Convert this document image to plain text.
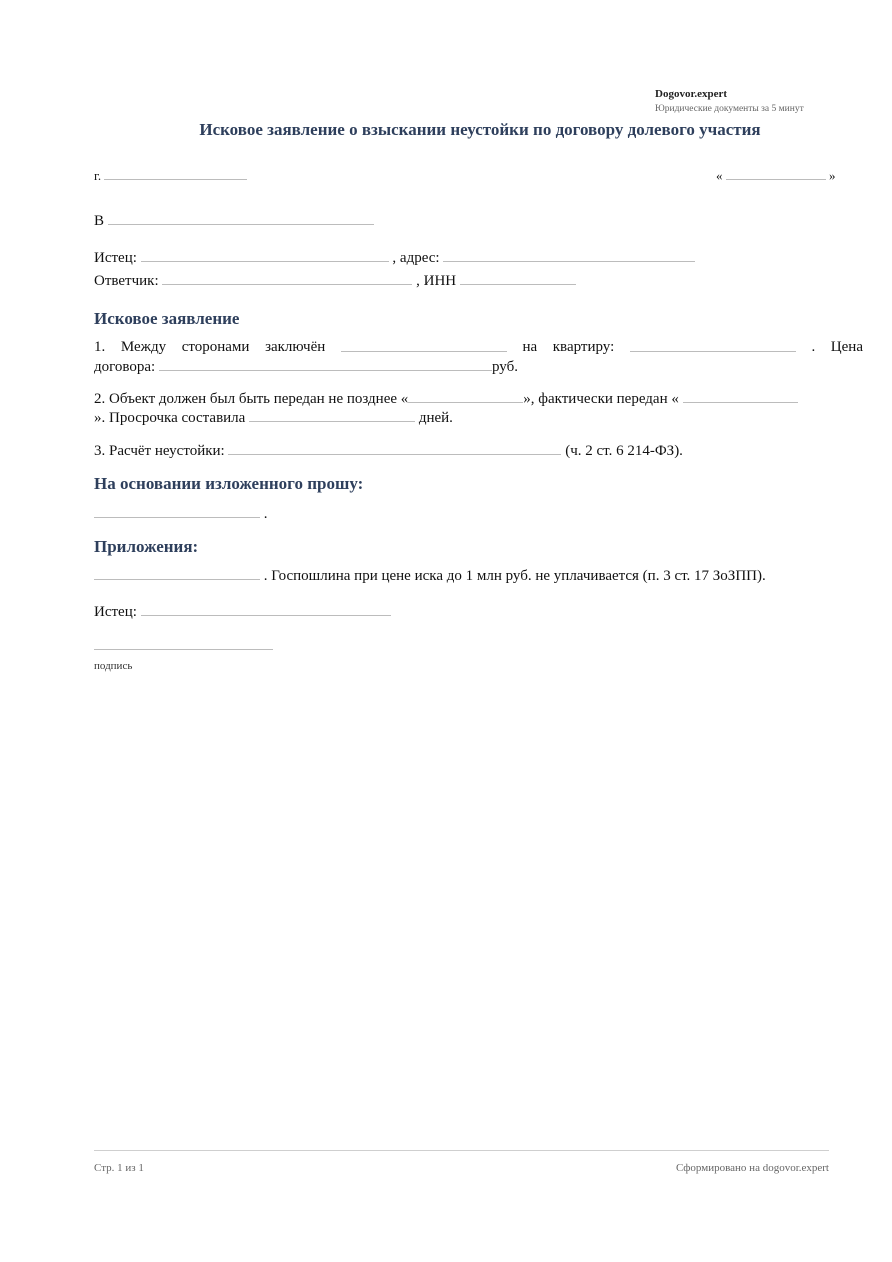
Dogovor.expert
Юридические документы за 5 минут
Исковое заявление о взыскании неустойки по договору долевого участия
г.	«	»
В
Истец:	, адрес:
Ответчик:	, ИНН
Исковое заявление
1. Между сторонами заключён	на квартиру:	. Цена
договора:	руб.
2. Объект должен был быть передан не позднее «	», фактически передан «
». Просрочка составила	дней.
3. Расчёт неустойки:	(ч. 2 ст. 6 214-ФЗ).
На основании изложенного прошу:
.
Приложения:
. Госпошлина при цене иска до 1 млн руб. не уплачивается (п. 3 ст. 17 ЗоЗПП).
Истец:
подпись
Стр. 1 из 1	Сформировано на dogovor.expert
